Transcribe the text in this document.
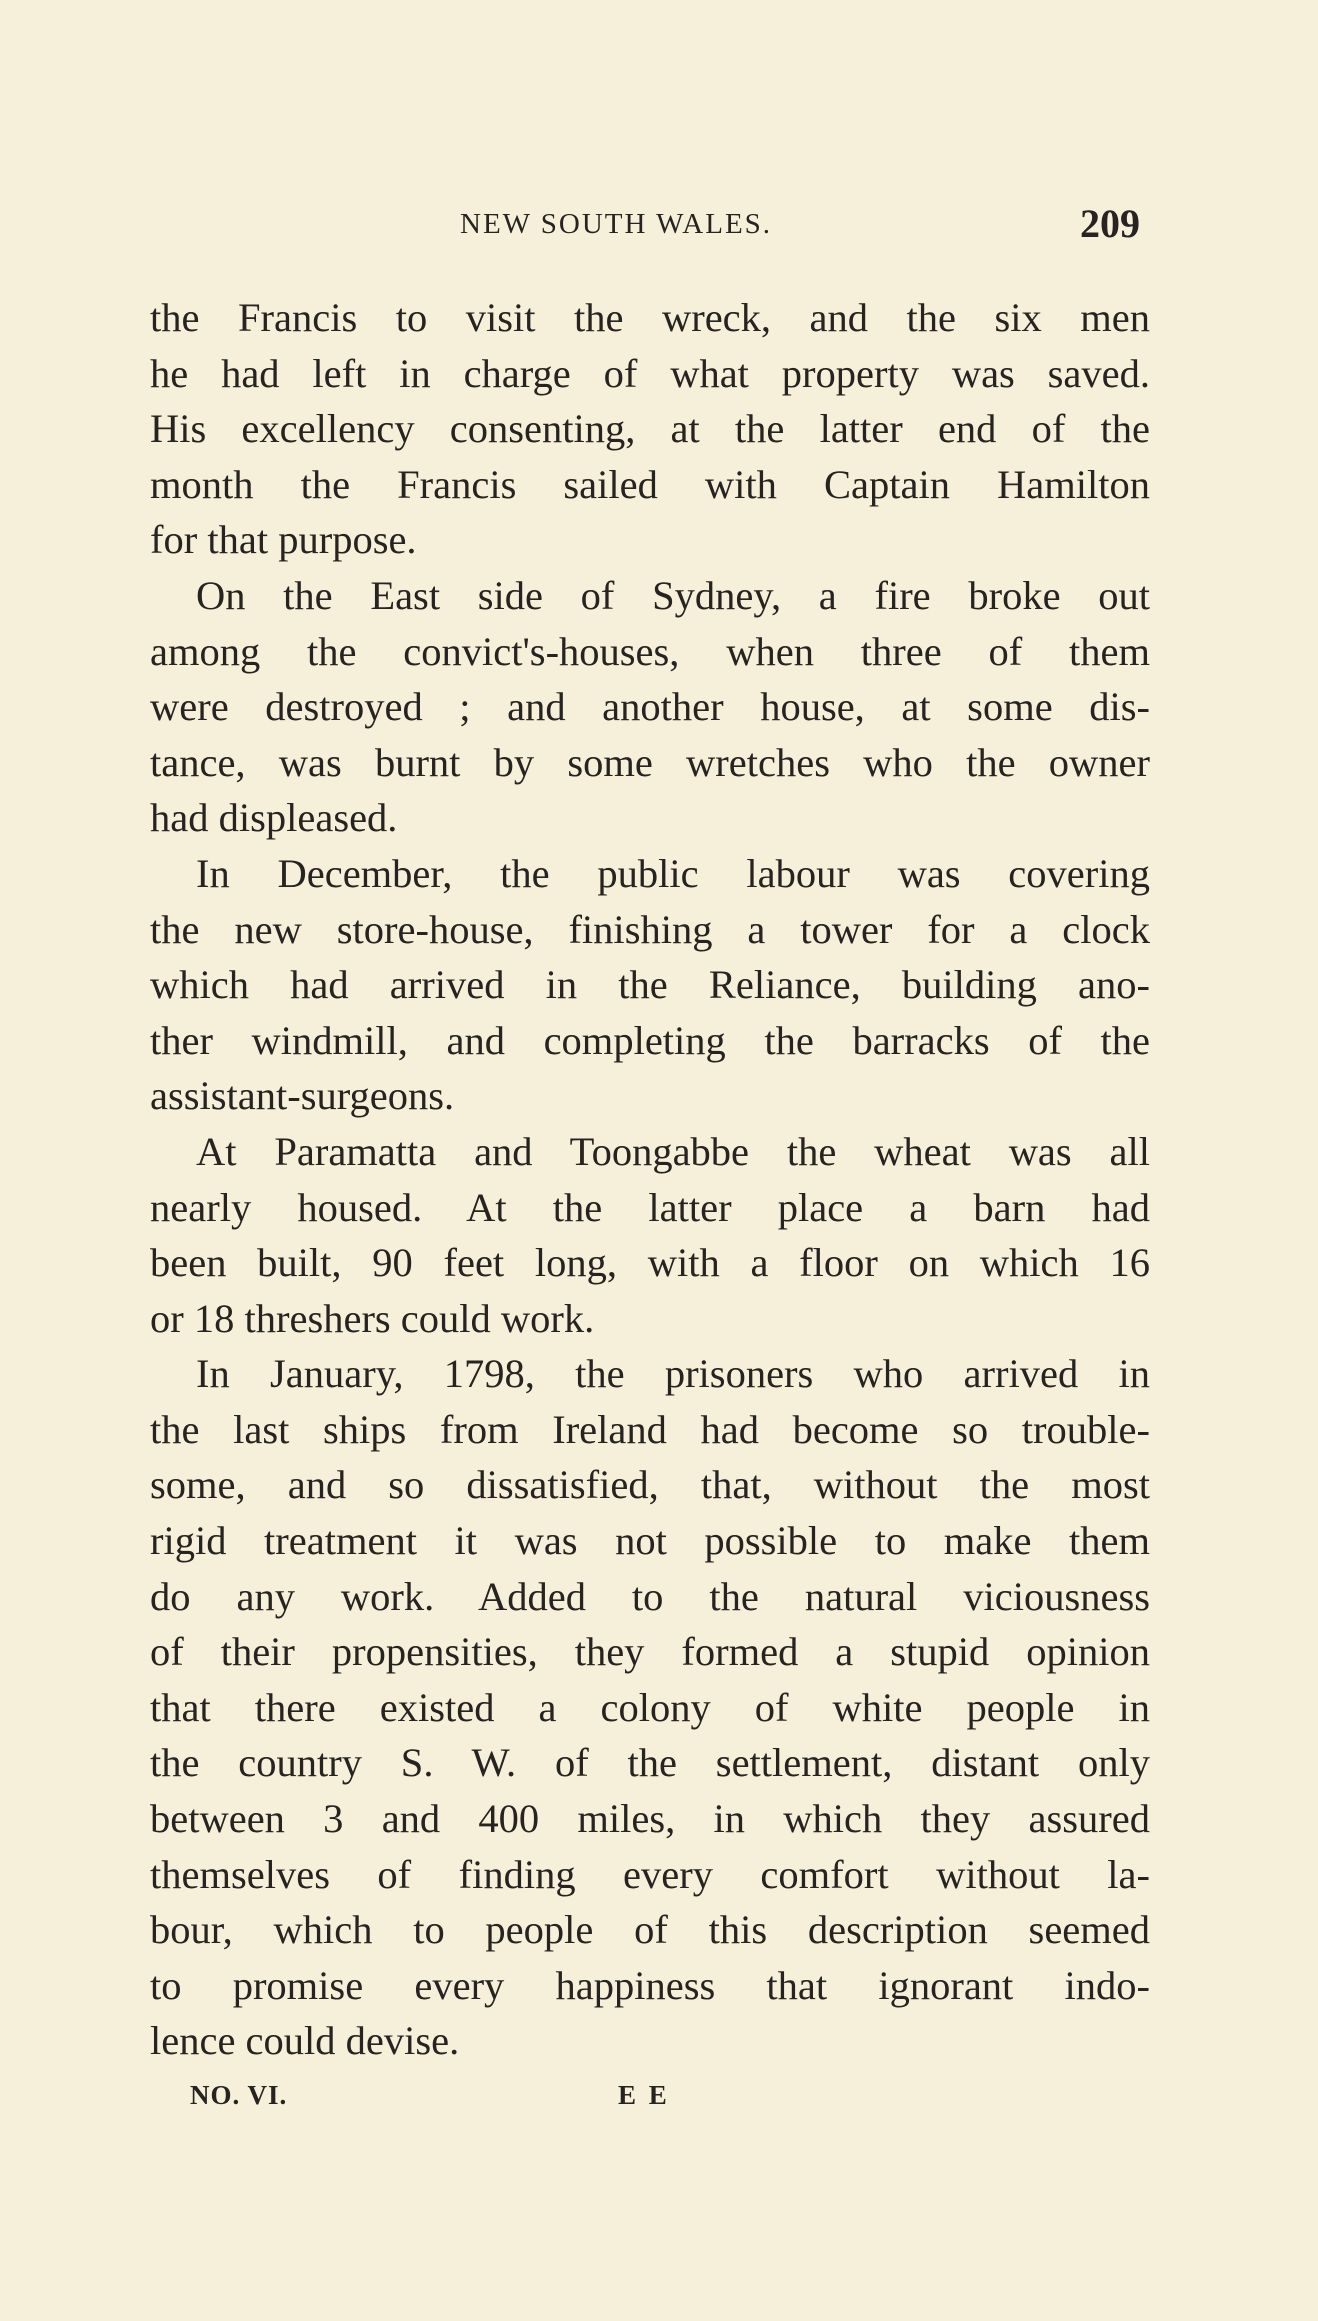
NEW SOUTH WALES.	209
the Francis to visit the wreck, and the six men
he had left in charge of what property was saved.
His excellency consenting, at the latter end of the
month the Francis sailed with Captain Hamilton
for that purpose.
On the East side of Sydney, a fire broke out
among the convict's-houses, when three of them
were destroyed ; and another house, at some dis-
tance, was burnt by some wretches who the owner
had displeased.
In December, the public labour was covering
the new store-house, finishing a tower for a clock
which had arrived in the Reliance, building ano-
ther windmill, and completing the barracks of the
assistant-surgeons.
At Paramatta and Toongabbe the wheat was all
nearly housed. At the latter place a barn had
been built, 90 feet long, with a floor on which 16
or 18 threshers could work.
In January, 1798, the prisoners who arrived in
the last ships from Ireland had become so trouble-
some, and so dissatisfied, that, without the most
rigid treatment it was not possible to make them
do any work. Added to the natural viciousness
of their propensities, they formed a stupid opinion
that there existed a colony of white people in
the country S. W. of the settlement, distant only
between 3 and 400 miles, in which they assured
themselves of finding every comfort without la-
bour, which to people of this description seemed
to promise every happiness that ignorant indo-
lence could devise.
NO. VI.	E E
